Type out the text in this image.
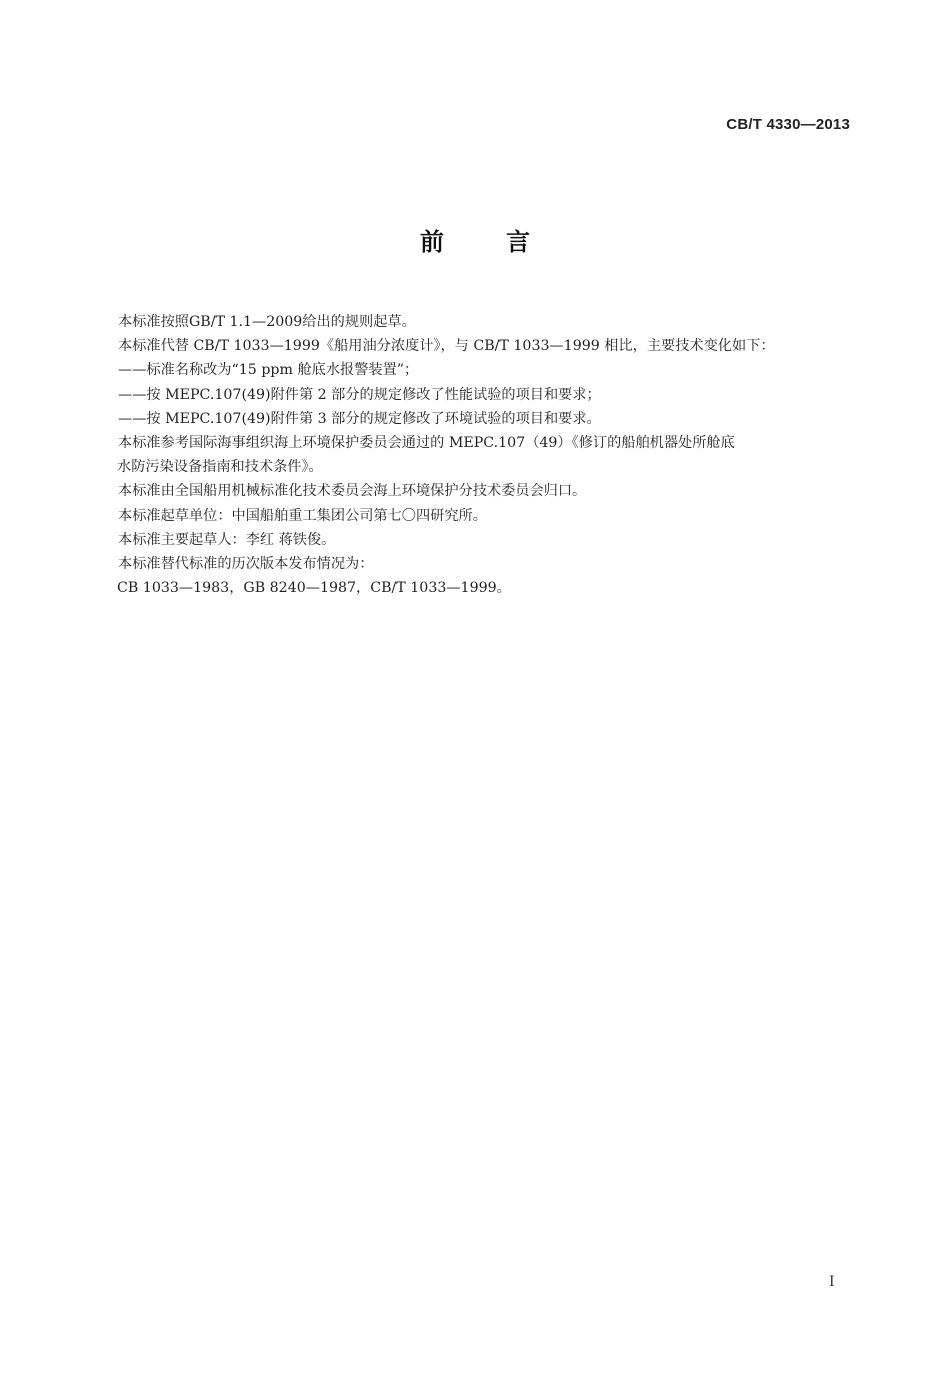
CB/T 4330—2013
前	言

本标准按照GB/T 1.1—2009给出的规则起草。

本标准代替 CB/T 1033—1999《船用油分浓度计》，与 CB/T 1033—1999 相比，主要技术变化如下：

——标准名称改为“15 ppm 舱底水报警装置”；

——按 MEPC.107(49)附件第 2 部分的规定修改了性能试验的项目和要求；

——按 MEPC.107(49)附件第 3 部分的规定修改了环境试验的项目和要求。

本标准参考国际海事组织海上环境保护委员会通过的 MEPC.107（49）《修订的船舶机器处所舱底

水防污染设备指南和技术条件》。

本标准由全国船用机械标准化技术委员会海上环境保护分技术委员会归口。

本标准起草单位：中国船舶重工集团公司第七〇四研究所。

本标准主要起草人：李红 蒋铁俊。

本标准替代标准的历次版本发布情况为：

CB 1033—1983，GB 8240—1987，CB/T 1033—1999。

I
